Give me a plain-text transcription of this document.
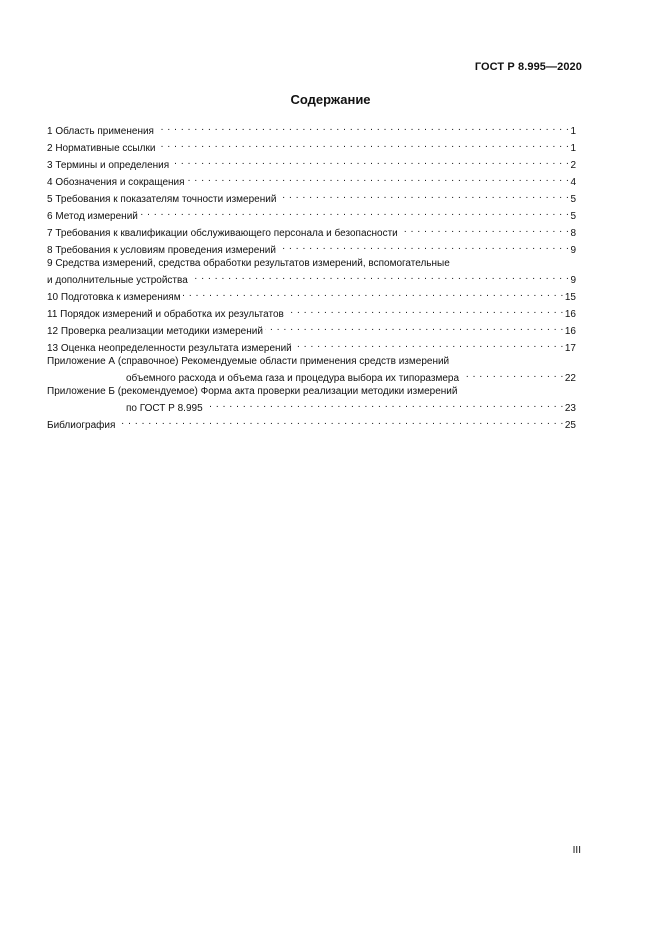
ГОСТ Р 8.995—2020
Содержание
1 Область применения . . .	1
2 Нормативные ссылки . . .	1
3 Термины и определения . . .	2
4 Обозначения и сокращения . . .	4
5 Требования к показателям точности измерений . . .	5
6 Метод измерений . . .	5
7 Требования к квалификации обслуживающего персонала и безопасности . . .	8
8 Требования к условиям проведения измерений . . .	9
9 Средства измерений, средства обработки результатов измерений, вспомогательные
и дополнительные устройства . . .	9
10 Подготовка к измерениям . . .	15
11 Порядок измерений и обработка их результатов . . .	16
12 Проверка реализации методики измерений . . .	16
13 Оценка неопределенности результата измерений . . .	17
Приложение А (справочное) Рекомендуемые области применения средств измерений
объемного расхода и объема газа и процедура выбора их типоразмера . . .	22
Приложение Б (рекомендуемое) Форма акта проверки реализации методики измерений
по ГОСТ Р 8.995 . . .	23
Библиография . . .	25
III
